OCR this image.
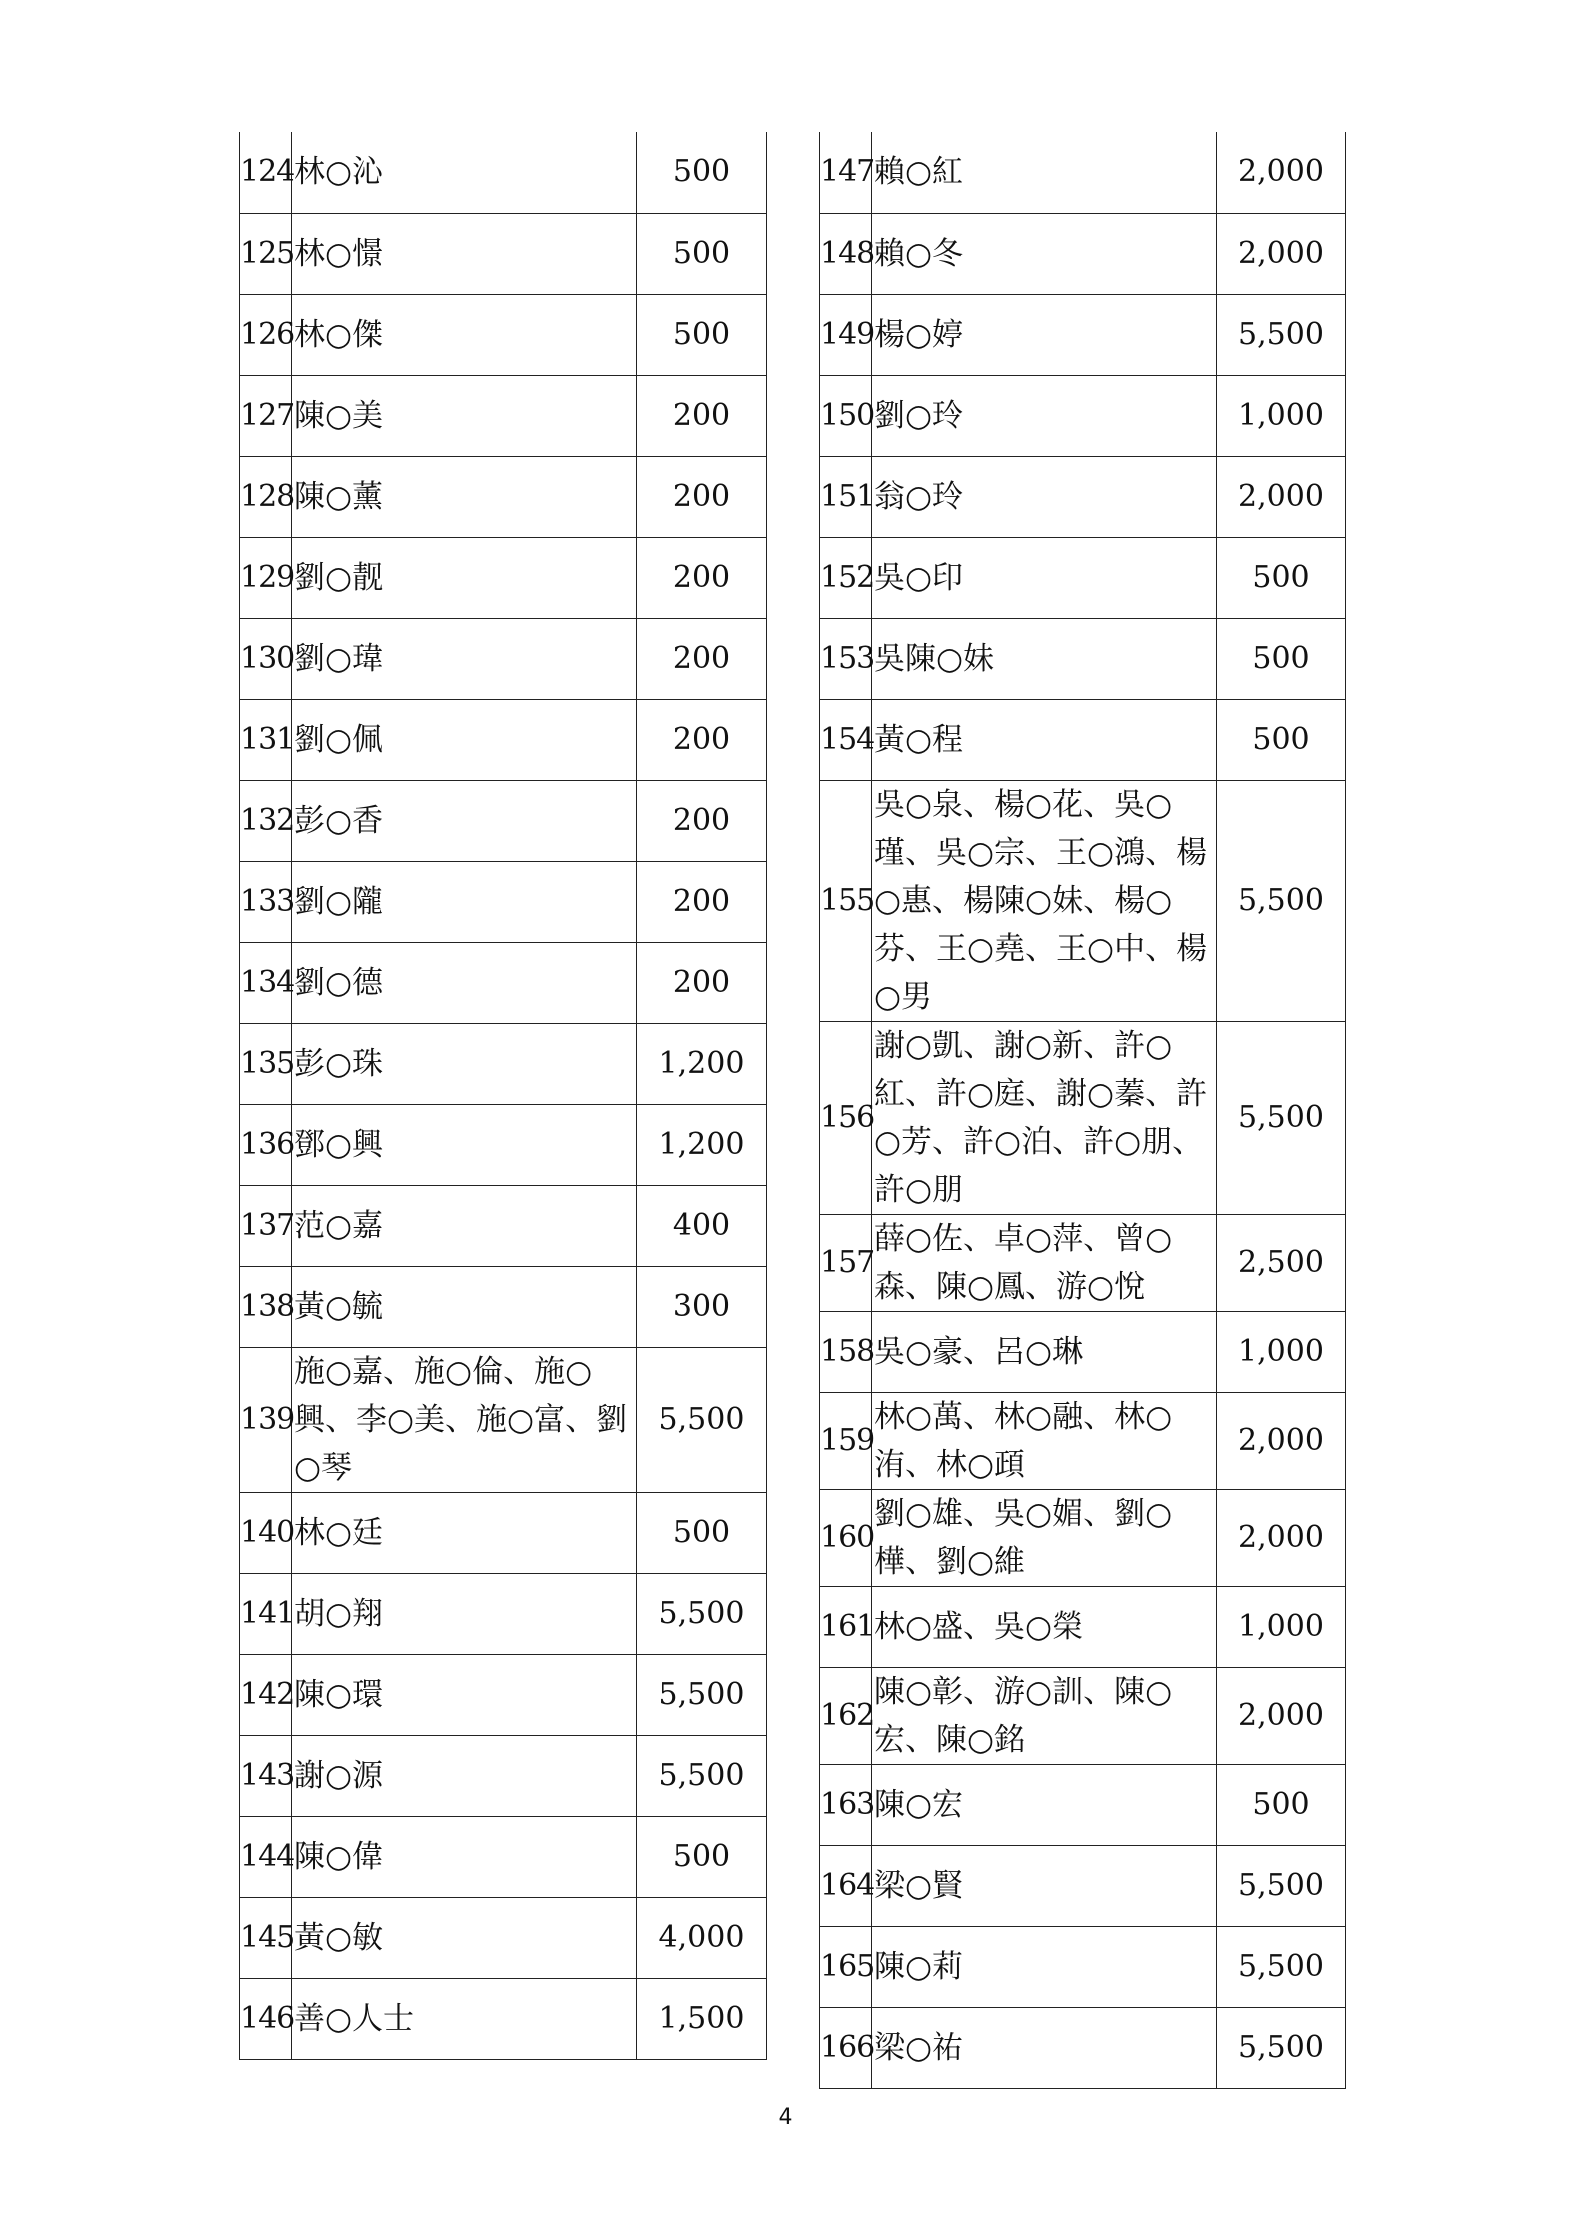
124	林○沁	500
125	林○憬	500
126	林○傑	500
127	陳○美	200
128	陳○薰	200
129	劉○靓	200
130	劉○瑋	200
131	劉○佩	200
132	彭○香	200
133	劉○隴	200
134	劉○德	200
135	彭○珠	1,200
136	鄧○興	1,200
137	范○嘉	400
138	黃○毓	300
139	施○嘉、施○倫、施○興、李○美、施○富、劉○琴	5,500
140	林○廷	500
141	胡○翔	5,500
142	陳○環	5,500
143	謝○源	5,500
144	陳○偉	500
145	黃○敏	4,000
146	善○人士	1,500
147	賴○紅	2,000
148	賴○冬	2,000
149	楊○婷	5,500
150	劉○玲	1,000
151	翁○玲	2,000
152	吳○印	500
153	吳陳○妹	500
154	黃○程	500
155	吳○泉、楊○花、吳○瑾、吳○宗、王○鴻、楊○惠、楊陳○妹、楊○芬、王○堯、王○中、楊○男	5,500
156	謝○凱、謝○新、許○紅、許○庭、謝○蓁、許○芳、許○泊、許○朋、許○朋	5,500
157	薛○佐、卓○萍、曾○森、陳○鳳、游○悅	2,500
158	吳○豪、呂○琳	1,000
159	林○萬、林○融、林○洧、林○頙	2,000
160	劉○雄、吳○媚、劉○樺、劉○維	2,000
161	林○盛、吳○榮	1,000
162	陳○彰、游○訓、陳○宏、陳○銘	2,000
163	陳○宏	500
164	梁○賢	5,500
165	陳○莉	5,500
166	梁○祐	5,500
4
